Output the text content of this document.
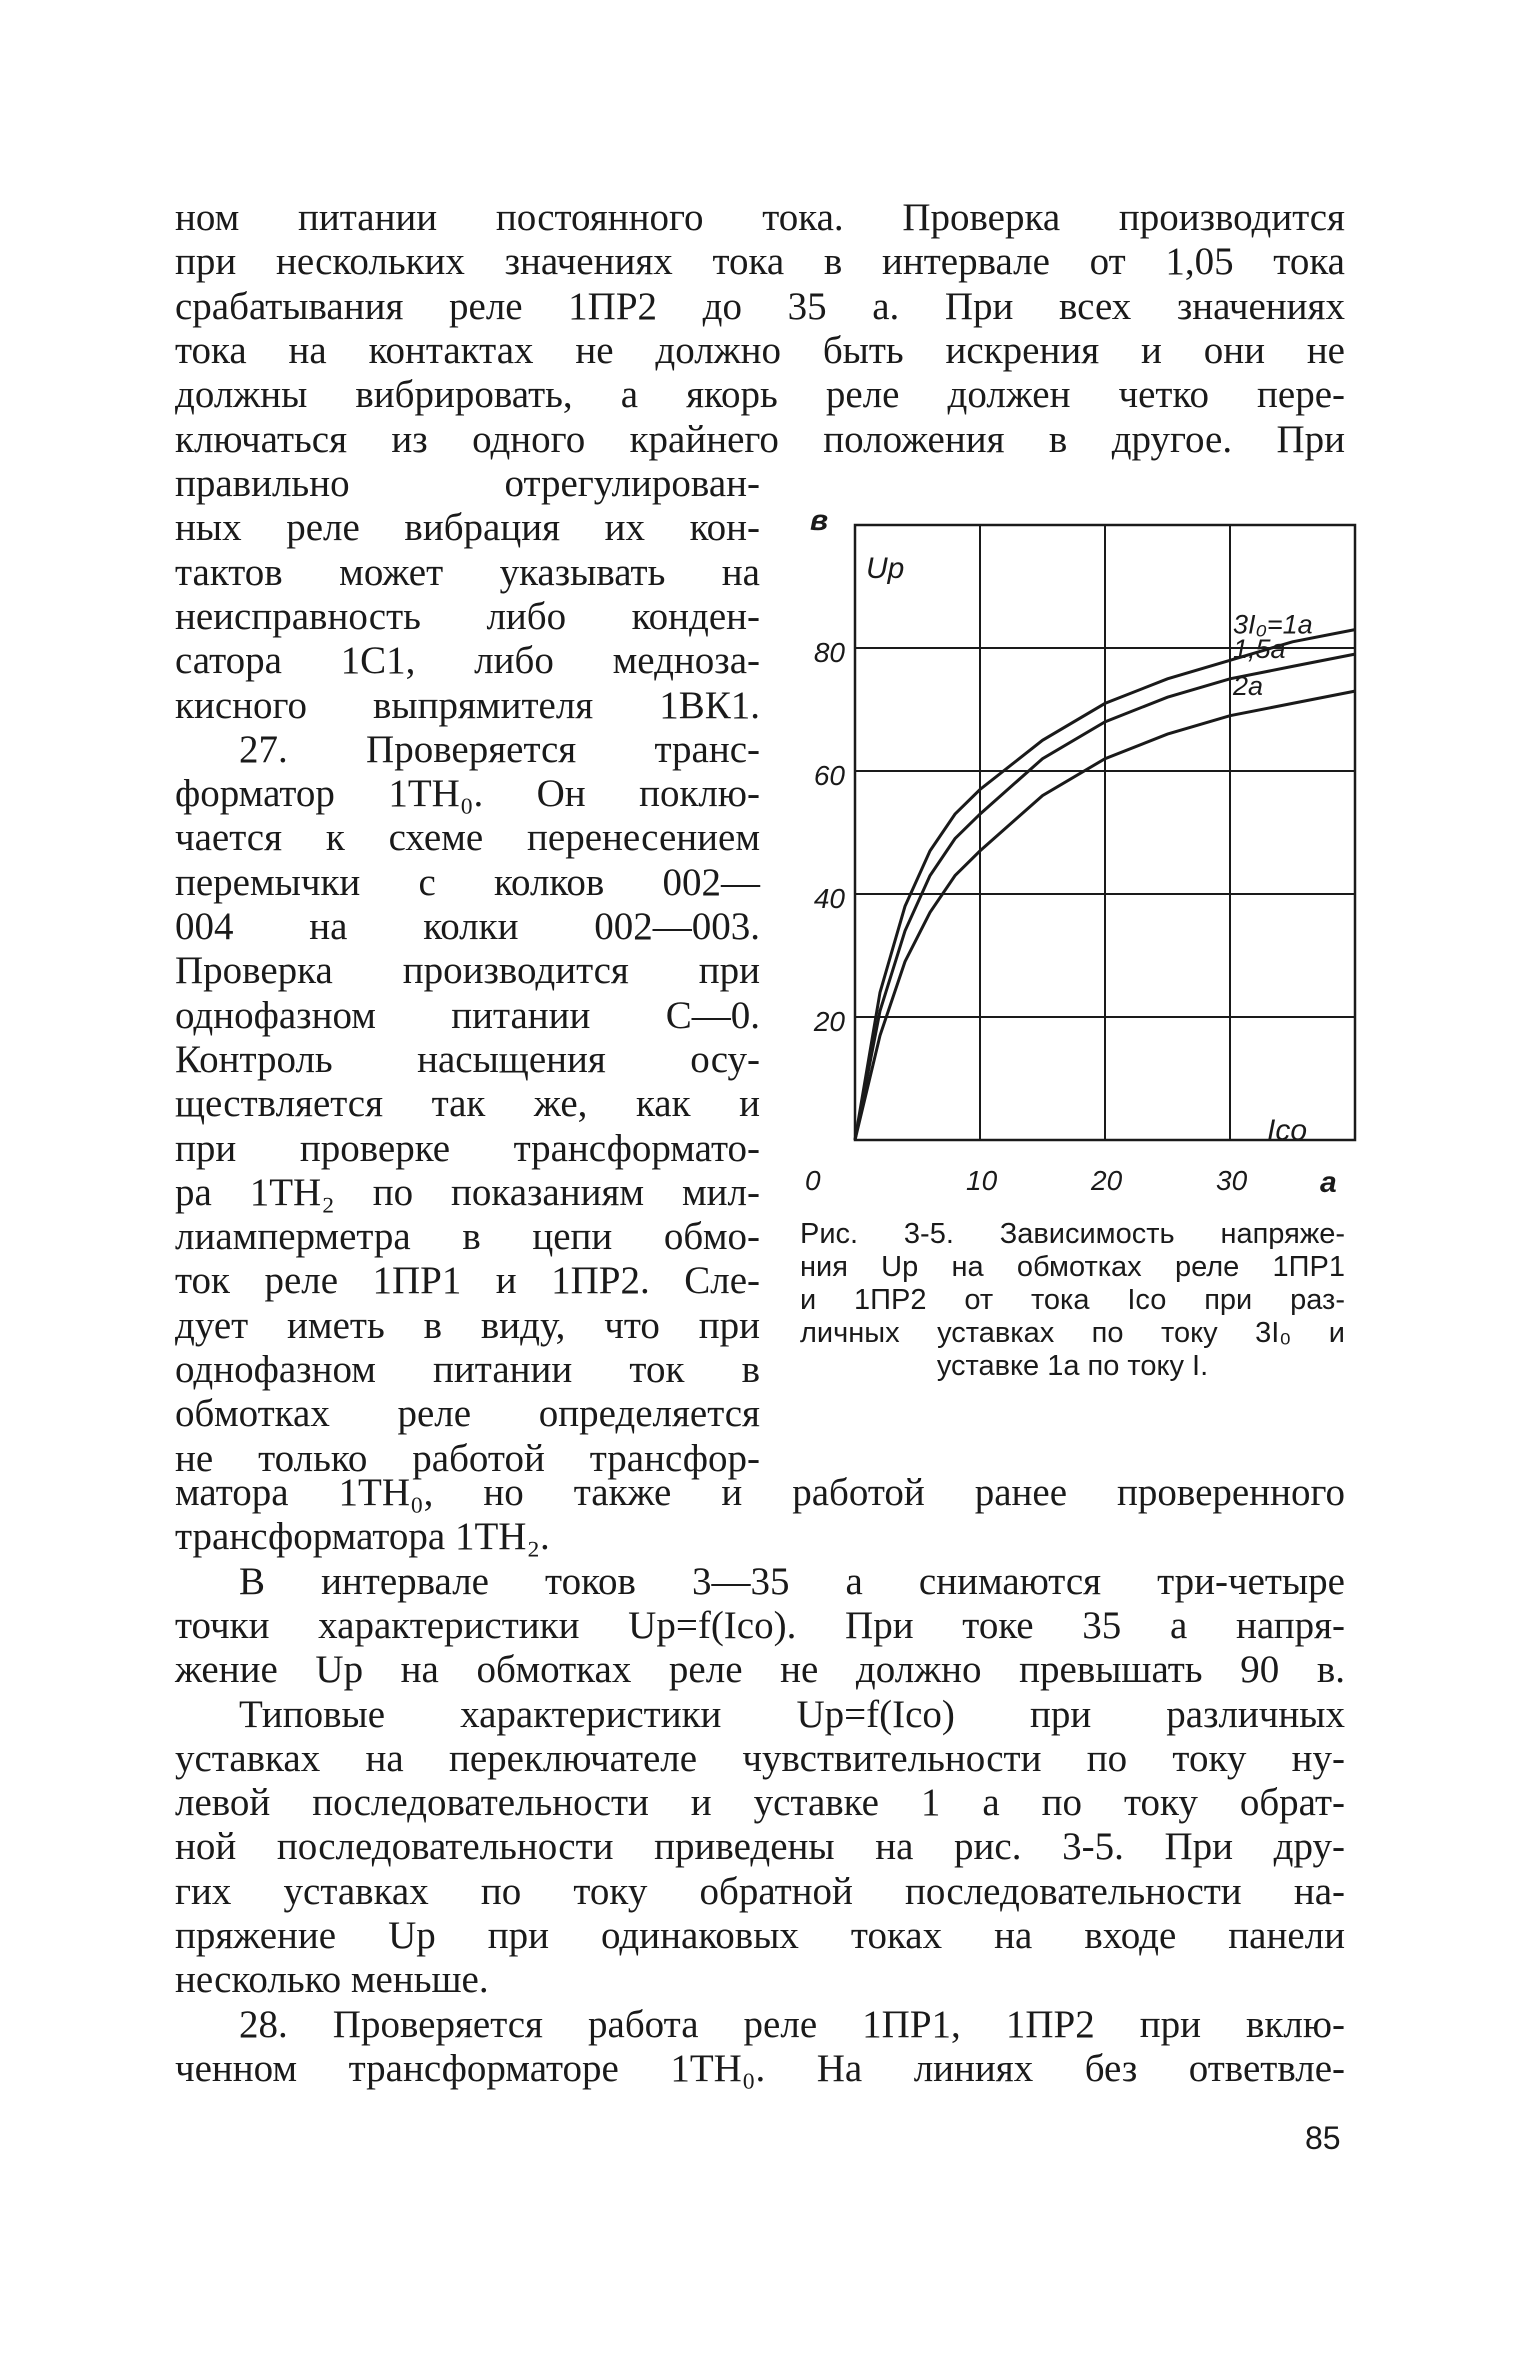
ном питании постоянного тока. Проверка производится
при нескольких значениях тока в интервале от 1,05 тока
срабатывания реле 1ПР2 до 35 а. При всех значениях
тока на контактах не должно быть искрения и они не
должны вибрировать, а якорь реле должен четко пере-
ключаться из одного крайнего положения в другое. При
правильно отрегулирован-
ных реле вибрация их кон-
тактов может указывать на
неисправность либо конден-
сатора 1С1, либо медноза-
кисного выпрямителя 1ВК1.
27. Проверяется транс-
форматор 1ТН₀. Он поклю-
чается к схеме перенесением
перемычки с колков 002—
004 на колки 002—003.
Проверка производится при
однофазном питании С—0.
Контроль насыщения осу-
ществляется так же, как и
при проверке трансформато-
ра 1ТН₂ по показаниям мил-
лиамперметра в цепи обмо-
ток реле 1ПР1 и 1ПР2. Сле-
дует иметь в виду, что при
однофазном питании ток в
обмотках реле определяется
не только работой трансфор-
матора 1ТН₀, но также и работой ранее проверенного
трансформатора 1ТН₂.
В интервале токов 3—35 а снимаются три-четыре
точки характеристики Uр=f(Iсо). При токе 35 а напря-
жение Uр на обмотках реле не должно превышать 90 в.
Типовые характеристики Uр=f(Iсо) при различных
уставках на переключателе чувствительности по току ну-
левой последовательности и уставке 1 а по току обрат-
ной последовательности приведены на рис. 3-5. При дру-
гих уставках по току обратной последовательности на-
пряжение Uр при одинаковых токах на входе панели
несколько меньше.
28. Проверяется работа реле 1ПР1, 1ПР2 при вклю-
ченном трансформаторе 1ТН₀. На линиях без ответвле-
3I₀=1а
1,5а
2а
20
40
60
80
0	10	20	30
в
Uр
Iсо
а
Рис. 3-5. Зависимость напряже-
ния Uр на обмотках реле 1ПР1
и 1ПР2 от тока Iсо при раз-
личных уставках по току 3I₀ и
уставке 1а по току I.
85
